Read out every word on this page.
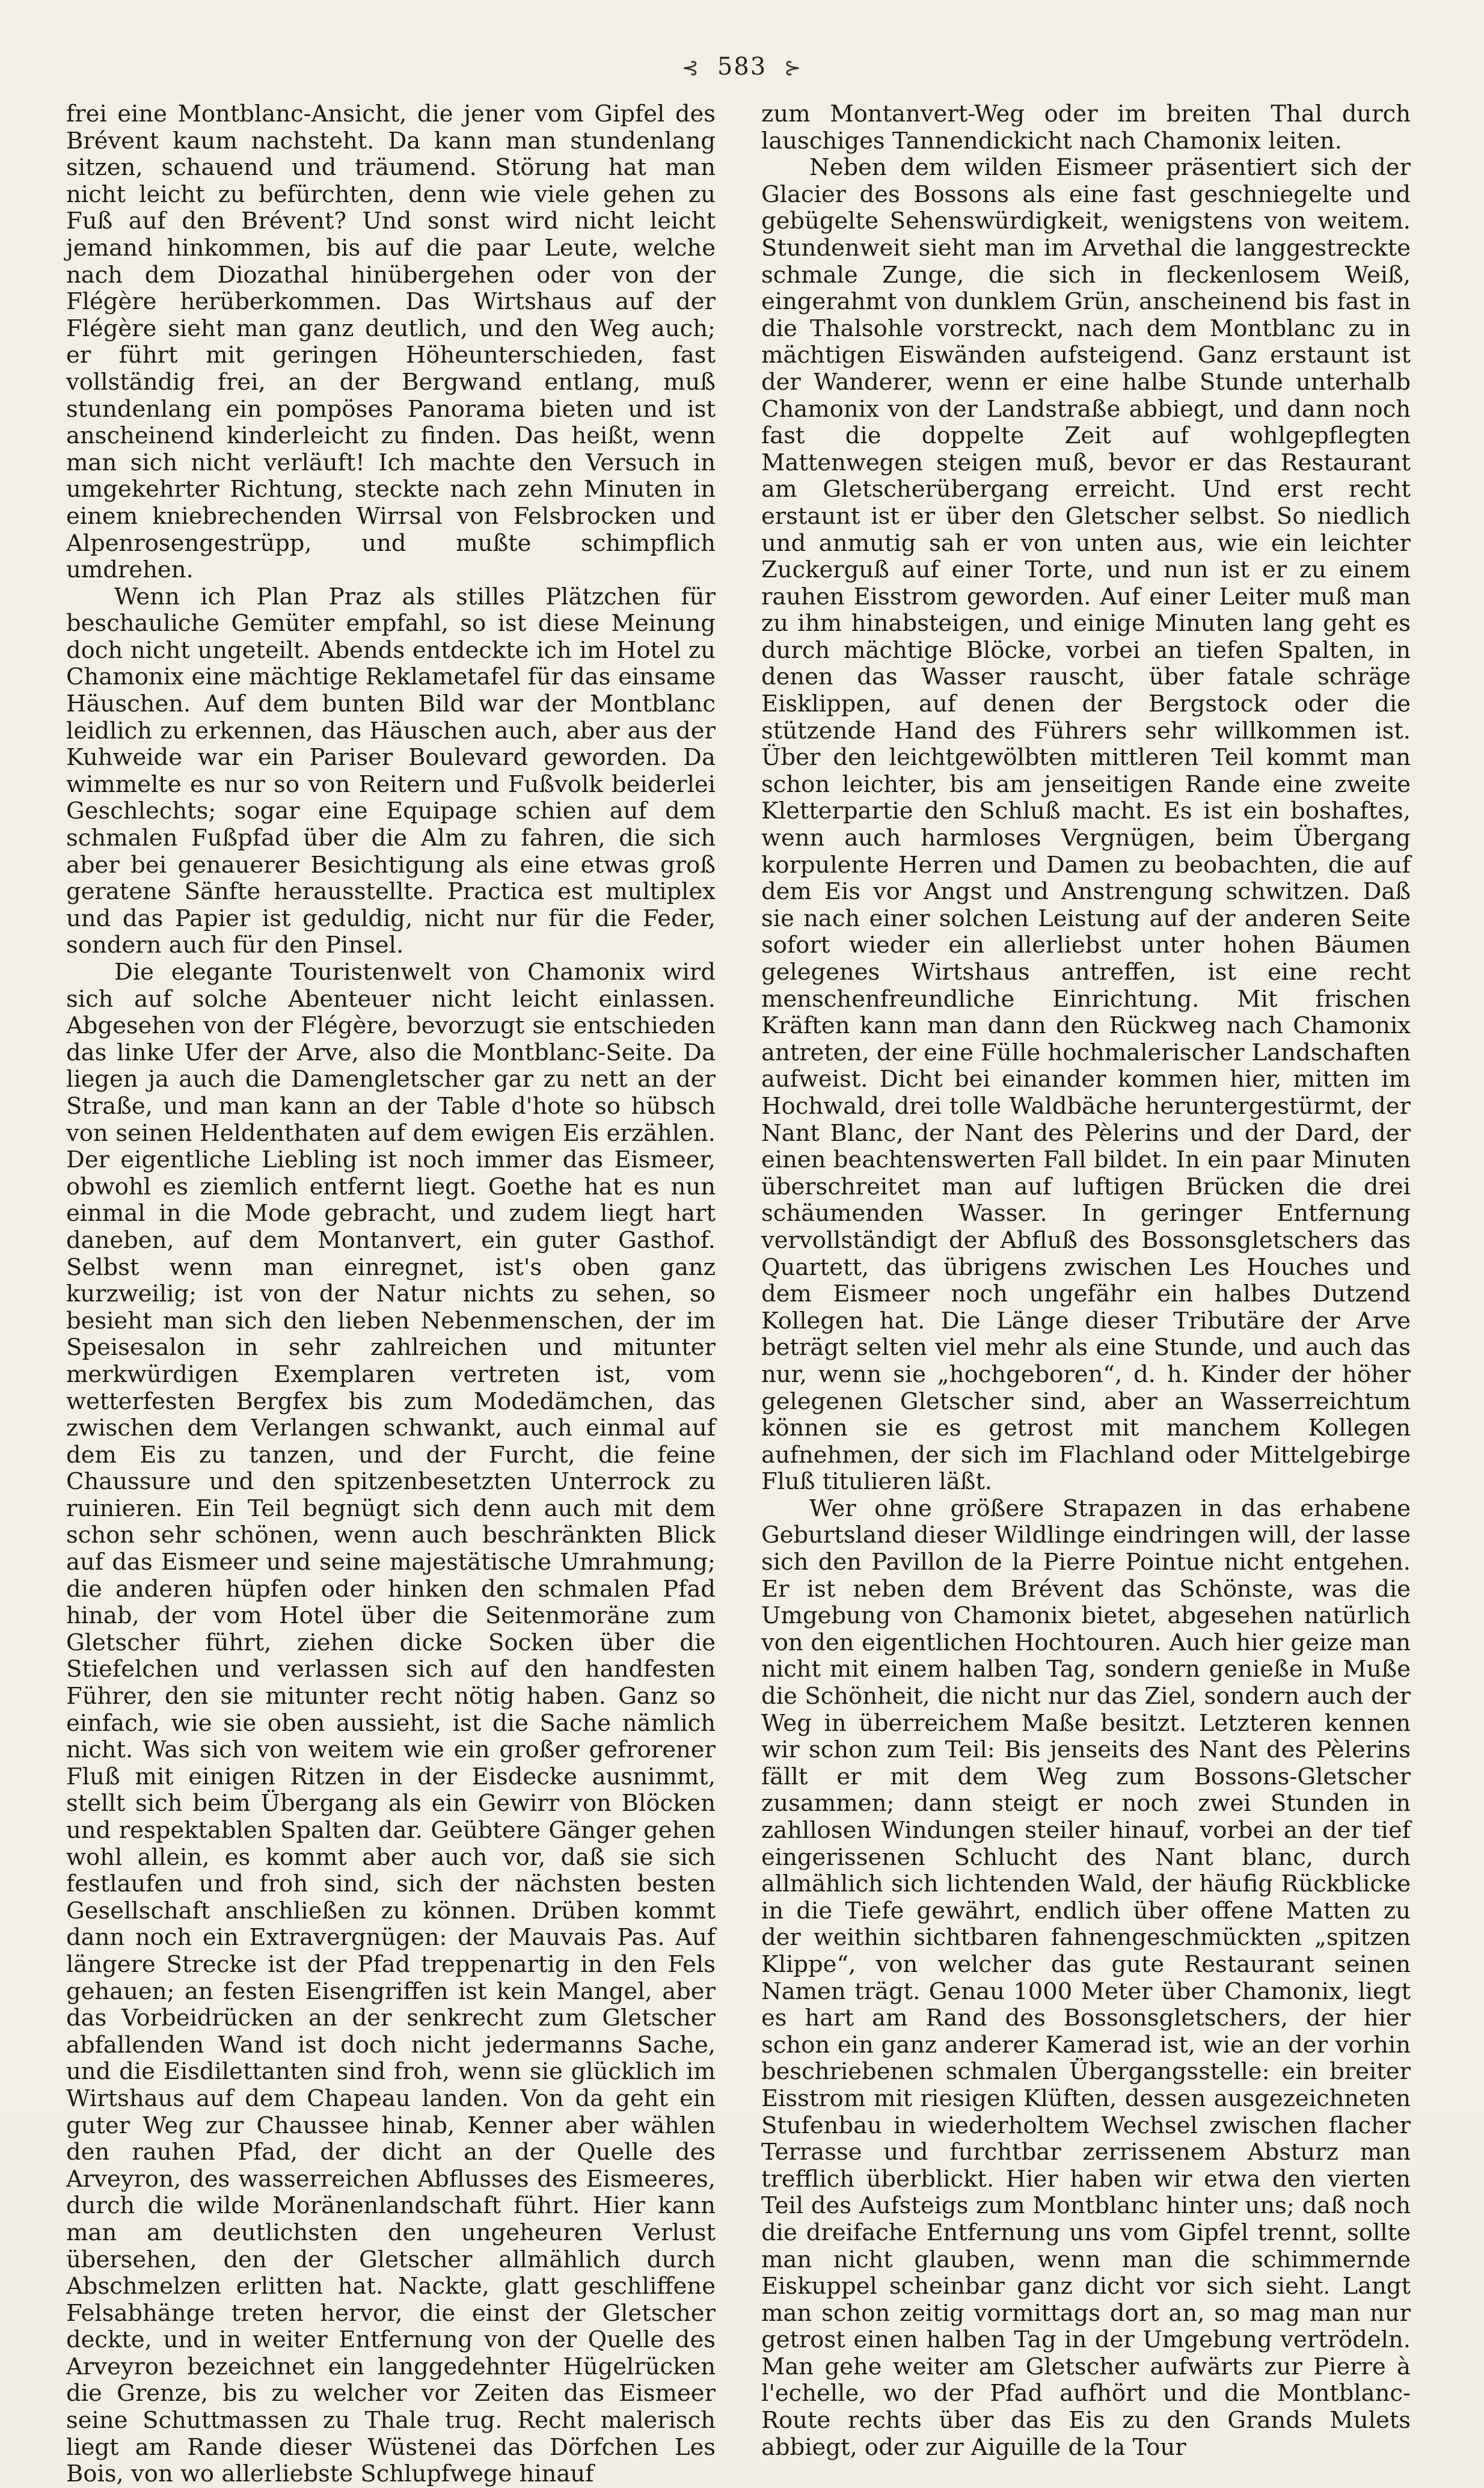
⊰ 583 ⊱

frei eine Montblanc-Ansicht, die jener vom Gipfel des Brévent kaum nachsteht. Da kann man stundenlang sitzen, schauend und träumend. Störung hat man nicht leicht zu befürchten, denn wie viele gehen zu Fuß auf den Brévent? Und sonst wird nicht leicht jemand hinkommen, bis auf die paar Leute, welche nach dem Diozathal hinübergehen oder von der Flégère herüberkommen. Das Wirtshaus auf der Flégère sieht man ganz deutlich, und den Weg auch; er führt mit geringen Höheunterschieden, fast vollständig frei, an der Bergwand entlang, muß stundenlang ein pompöses Panorama bieten und ist anscheinend kinderleicht zu finden. Das heißt, wenn man sich nicht verläuft! Ich machte den Versuch in umgekehrter Richtung, steckte nach zehn Minuten in einem kniebrechenden Wirrsal von Felsbrocken und Alpenrosengestrüpp, und mußte schimpflich umdrehen.

Wenn ich Plan Praz als stilles Plätzchen für beschauliche Gemüter empfahl, so ist diese Meinung doch nicht ungeteilt. Abends entdeckte ich im Hotel zu Chamonix eine mächtige Reklametafel für das einsame Häuschen. Auf dem bunten Bild war der Montblanc leidlich zu erkennen, das Häuschen auch, aber aus der Kuhweide war ein Pariser Boulevard geworden. Da wimmelte es nur so von Reitern und Fußvolk beiderlei Geschlechts; sogar eine Equipage schien auf dem schmalen Fußpfad über die Alm zu fahren, die sich aber bei genauerer Besichtigung als eine etwas groß geratene Sänfte herausstellte. Practica est multiplex und das Papier ist geduldig, nicht nur für die Feder, sondern auch für den Pinsel.

Die elegante Touristenwelt von Chamonix wird sich auf solche Abenteuer nicht leicht einlassen. Abgesehen von der Flégère, bevorzugt sie entschieden das linke Ufer der Arve, also die Montblanc-Seite. Da liegen ja auch die Damengletscher gar zu nett an der Straße, und man kann an der Table d'hote so hübsch von seinen Heldenthaten auf dem ewigen Eis erzählen. Der eigentliche Liebling ist noch immer das Eismeer, obwohl es ziemlich entfernt liegt. Goethe hat es nun einmal in die Mode gebracht, und zudem liegt hart daneben, auf dem Montanvert, ein guter Gasthof. Selbst wenn man einregnet, ist's oben ganz kurzweilig; ist von der Natur nichts zu sehen, so besieht man sich den lieben Nebenmenschen, der im Speisesalon in sehr zahlreichen und mitunter merkwürdigen Exemplaren vertreten ist, vom wetterfesten Bergfex bis zum Modedämchen, das zwischen dem Verlangen schwankt, auch einmal auf dem Eis zu tanzen, und der Furcht, die feine Chaussure und den spitzenbesetzten Unterrock zu ruinieren. Ein Teil begnügt sich denn auch mit dem schon sehr schönen, wenn auch beschränkten Blick auf das Eismeer und seine majestätische Umrahmung; die anderen hüpfen oder hinken den schmalen Pfad hinab, der vom Hotel über die Seitenmoräne zum Gletscher führt, ziehen dicke Socken über die Stiefelchen und verlassen sich auf den handfesten Führer, den sie mitunter recht nötig haben. Ganz so einfach, wie sie oben aussieht, ist die Sache nämlich nicht. Was sich von weitem wie ein großer gefrorener Fluß mit einigen Ritzen in der Eisdecke ausnimmt, stellt sich beim Übergang als ein Gewirr von Blöcken und respektablen Spalten dar. Geübtere Gänger gehen wohl allein, es kommt aber auch vor, daß sie sich festlaufen und froh sind, sich der nächsten besten Gesellschaft anschließen zu können. Drüben kommt dann noch ein Extravergnügen: der Mauvais Pas. Auf längere Strecke ist der Pfad treppenartig in den Fels gehauen; an festen Eisengriffen ist kein Mangel, aber das Vorbeidrücken an der senkrecht zum Gletscher abfallenden Wand ist doch nicht jedermanns Sache, und die Eisdilettanten sind froh, wenn sie glücklich im Wirtshaus auf dem Chapeau landen. Von da geht ein guter Weg zur Chaussee hinab, Kenner aber wählen den rauhen Pfad, der dicht an der Quelle des Arveyron, des wasserreichen Abflusses des Eismeeres, durch die wilde Moränenlandschaft führt. Hier kann man am deutlichsten den ungeheuren Verlust übersehen, den der Gletscher allmählich durch Abschmelzen erlitten hat. Nackte, glatt geschliffene Felsabhänge treten hervor, die einst der Gletscher deckte, und in weiter Entfernung von der Quelle des Arveyron bezeichnet ein langgedehnter Hügelrücken die Grenze, bis zu welcher vor Zeiten das Eismeer seine Schuttmassen zu Thale trug. Recht malerisch liegt am Rande dieser Wüstenei das Dörfchen Les Bois, von wo allerliebste Schlupfwege hinauf

zum Montanvert-Weg oder im breiten Thal durch lauschiges Tannendickicht nach Chamonix leiten.

Neben dem wilden Eismeer präsentiert sich der Glacier des Bossons als eine fast geschniegelte und gebügelte Sehenswürdigkeit, wenigstens von weitem. Stundenweit sieht man im Arvethal die langgestreckte schmale Zunge, die sich in fleckenlosem Weiß, eingerahmt von dunklem Grün, anscheinend bis fast in die Thalsohle vorstreckt, nach dem Montblanc zu in mächtigen Eiswänden aufsteigend. Ganz erstaunt ist der Wanderer, wenn er eine halbe Stunde unterhalb Chamonix von der Landstraße abbiegt, und dann noch fast die doppelte Zeit auf wohlgepflegten Mattenwegen steigen muß, bevor er das Restaurant am Gletscherübergang erreicht. Und erst recht erstaunt ist er über den Gletscher selbst. So niedlich und anmutig sah er von unten aus, wie ein leichter Zuckerguß auf einer Torte, und nun ist er zu einem rauhen Eisstrom geworden. Auf einer Leiter muß man zu ihm hinabsteigen, und einige Minuten lang geht es durch mächtige Blöcke, vorbei an tiefen Spalten, in denen das Wasser rauscht, über fatale schräge Eisklippen, auf denen der Bergstock oder die stützende Hand des Führers sehr willkommen ist. Über den leichtgewölbten mittleren Teil kommt man schon leichter, bis am jenseitigen Rande eine zweite Kletterpartie den Schluß macht. Es ist ein boshaftes, wenn auch harmloses Vergnügen, beim Übergang korpulente Herren und Damen zu beobachten, die auf dem Eis vor Angst und Anstrengung schwitzen. Daß sie nach einer solchen Leistung auf der anderen Seite sofort wieder ein allerliebst unter hohen Bäumen gelegenes Wirtshaus antreffen, ist eine recht menschenfreundliche Einrichtung. Mit frischen Kräften kann man dann den Rückweg nach Chamonix antreten, der eine Fülle hochmalerischer Landschaften aufweist. Dicht bei einander kommen hier, mitten im Hochwald, drei tolle Waldbäche heruntergestürmt, der Nant Blanc, der Nant des Pèlerins und der Dard, der einen beachtenswerten Fall bildet. In ein paar Minuten überschreitet man auf luftigen Brücken die drei schäumenden Wasser. In geringer Entfernung vervollständigt der Abfluß des Bossonsgletschers das Quartett, das übrigens zwischen Les Houches und dem Eismeer noch ungefähr ein halbes Dutzend Kollegen hat. Die Länge dieser Tributäre der Arve beträgt selten viel mehr als eine Stunde, und auch das nur, wenn sie „hochgeboren“, d. h. Kinder der höher gelegenen Gletscher sind, aber an Wasserreichtum können sie es getrost mit manchem Kollegen aufnehmen, der sich im Flachland oder Mittelgebirge Fluß titulieren läßt.

Wer ohne größere Strapazen in das erhabene Geburtsland dieser Wildlinge eindringen will, der lasse sich den Pavillon de la Pierre Pointue nicht entgehen. Er ist neben dem Brévent das Schönste, was die Umgebung von Chamonix bietet, abgesehen natürlich von den eigentlichen Hochtouren. Auch hier geize man nicht mit einem halben Tag, sondern genieße in Muße die Schönheit, die nicht nur das Ziel, sondern auch der Weg in überreichem Maße besitzt. Letzteren kennen wir schon zum Teil: Bis jenseits des Nant des Pèlerins fällt er mit dem Weg zum Bossons-Gletscher zusammen; dann steigt er noch zwei Stunden in zahllosen Windungen steiler hinauf, vorbei an der tief eingerissenen Schlucht des Nant blanc, durch allmählich sich lichtenden Wald, der häufig Rückblicke in die Tiefe gewährt, endlich über offene Matten zu der weithin sichtbaren fahnengeschmückten „spitzen Klippe“, von welcher das gute Restaurant seinen Namen trägt. Genau 1000 Meter über Chamonix, liegt es hart am Rand des Bossonsgletschers, der hier schon ein ganz anderer Kamerad ist, wie an der vorhin beschriebenen schmalen Übergangsstelle: ein breiter Eisstrom mit riesigen Klüften, dessen ausgezeichneten Stufenbau in wiederholtem Wechsel zwischen flacher Terrasse und furchtbar zerrissenem Absturz man trefflich überblickt. Hier haben wir etwa den vierten Teil des Aufsteigs zum Montblanc hinter uns; daß noch die dreifache Entfernung uns vom Gipfel trennt, sollte man nicht glauben, wenn man die schimmernde Eiskuppel scheinbar ganz dicht vor sich sieht. Langt man schon zeitig vormittags dort an, so mag man nur getrost einen halben Tag in der Umgebung vertrödeln. Man gehe weiter am Gletscher aufwärts zur Pierre à l'echelle, wo der Pfad aufhört und die Montblanc-Route rechts über das Eis zu den Grands Mulets abbiegt, oder zur Aiguille de la Tour
